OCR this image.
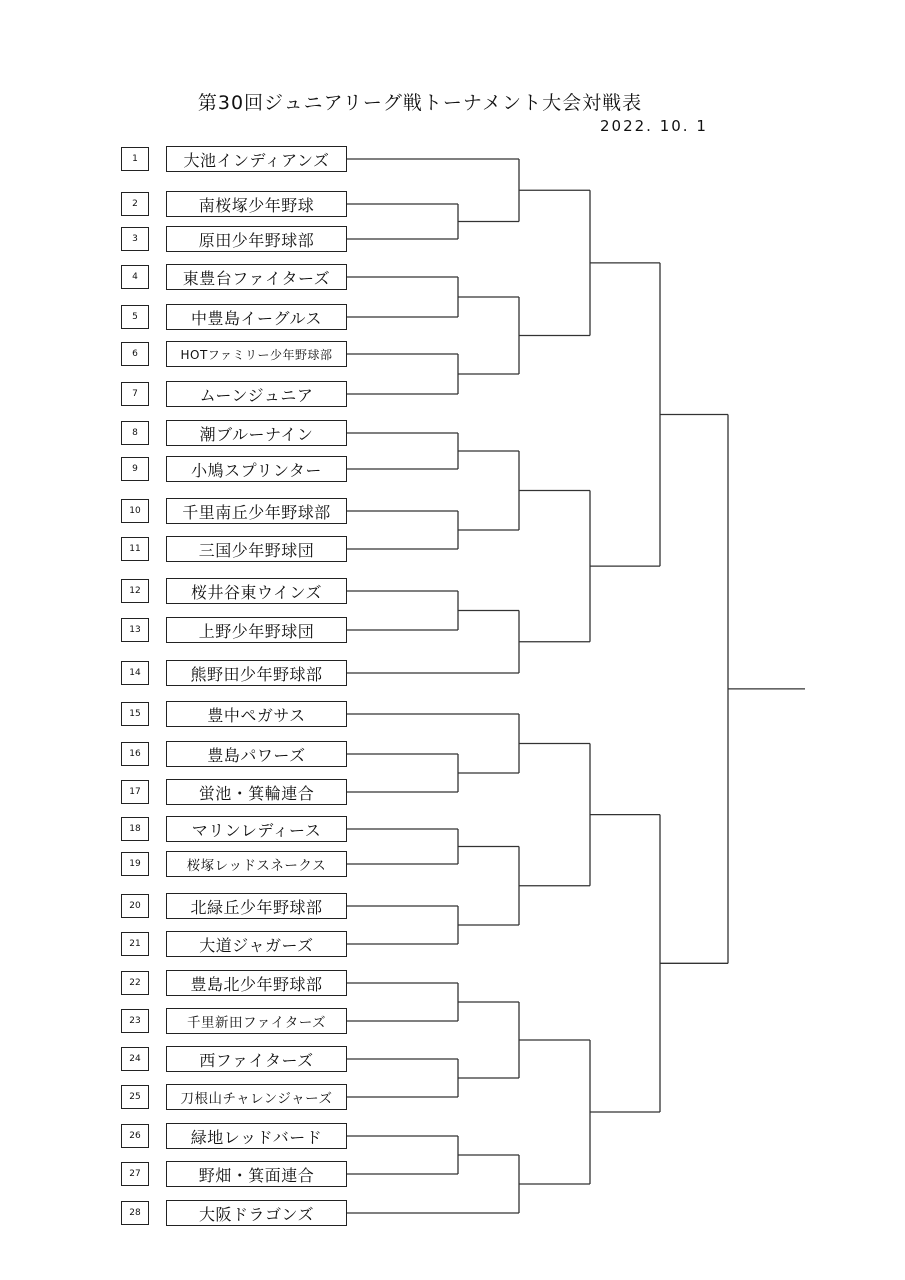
第30回ジュニアリーグ戦トーナメント大会対戦表
2022. 10. 1
1	大池インディアンズ
2	南桜塚少年野球
3	原田少年野球部
4	東豊台ファイターズ
5	中豊島イーグルス
6	HOTファミリー少年野球部
7	ムーンジュニア
8	潮ブルーナイン
9	小鳩スプリンター
10	千里南丘少年野球部
11	三国少年野球団
12	桜井谷東ウインズ
13	上野少年野球団
14	熊野田少年野球部
15	豊中ペガサス
16	豊島パワーズ
17	蛍池・箕輪連合
18	マリンレディース
19	桜塚レッドスネークス
20	北緑丘少年野球部
21	大道ジャガーズ
22	豊島北少年野球部
23	千里新田ファイターズ
24	西ファイターズ
25	刀根山チャレンジャーズ
26	緑地レッドバード
27	野畑・箕面連合
28	大阪ドラゴンズ
